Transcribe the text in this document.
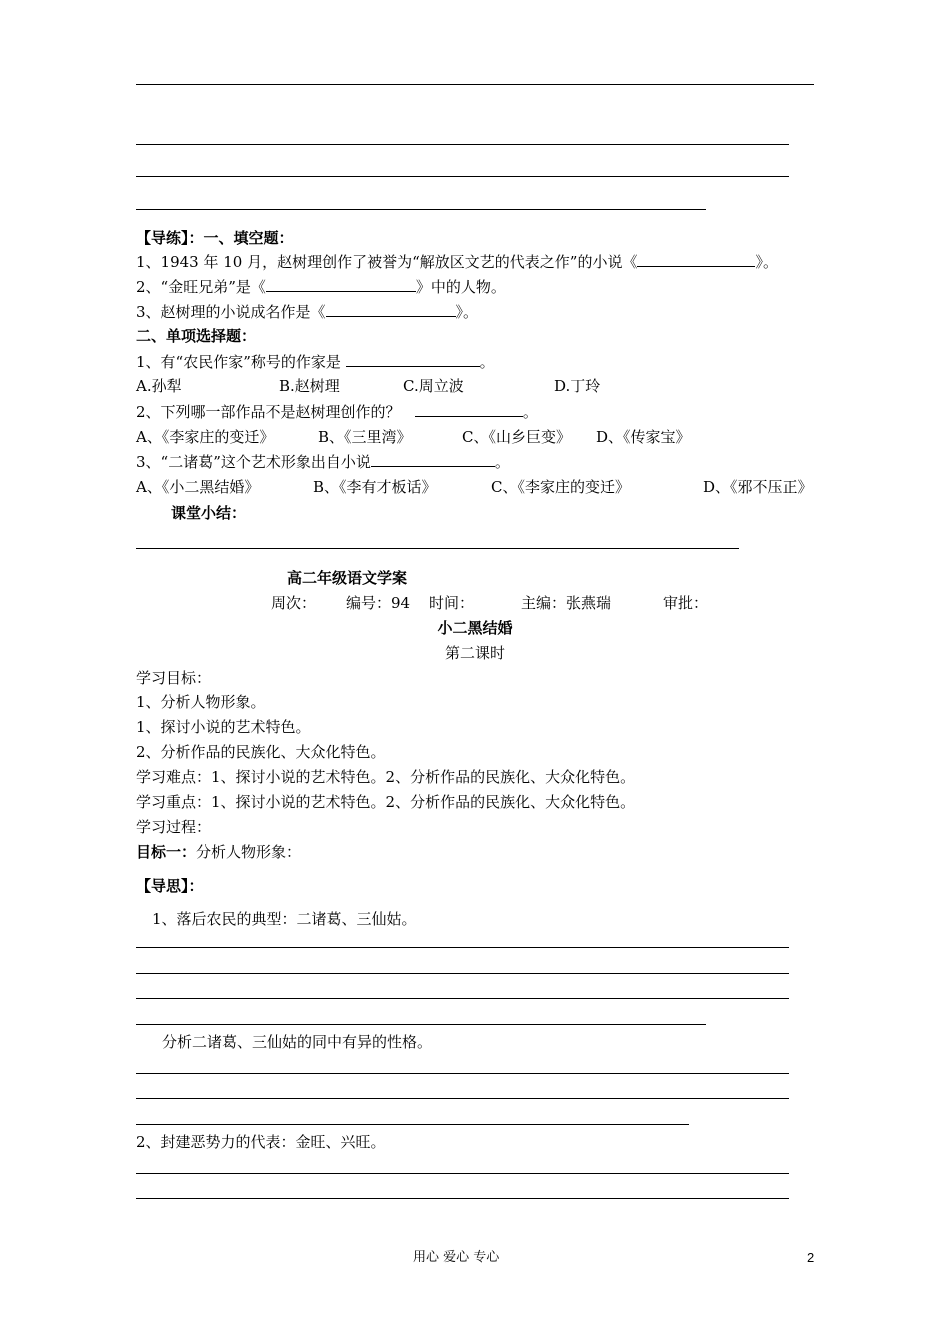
【导练】：一、填空题：
1、1943 年 10 月，赵树理创作了被誉为“解放区文艺的代表之作”的小说《	》。
2、“金旺兄弟”是《	》中的人物。
3、赵树理的小说成名作是《	》。
二、单项选择题：
1、有“农民作家”称号的作家是	。
A.孙犁	B.赵树理	C.周立波	D.丁玲
2、下列哪一部作品不是赵树理创作的？	。
A、《李家庄的变迁》	B、《三里湾》	C、《山乡巨变》 D、《传家宝》
3、“二诸葛”这个艺术形象出自小说	。
A、《小二黑结婚》	B、《李有才板话》	C、《李家庄的变迁》	D、《邪不压正》
课堂小结：
高二年级语文学案
周次： 编号：94 时间：	主编：张燕瑞	审批：
小二黑结婚
第二课时
学习目标：
1、分析人物形象。
1、探讨小说的艺术特色。
2、分析作品的民族化、大众化特色。
学习难点：1、探讨小说的艺术特色。2、分析作品的民族化、大众化特色。
学习重点：1、探讨小说的艺术特色。2、分析作品的民族化、大众化特色。
学习过程：
目标一：分析人物形象：
【导思】：
1、落后农民的典型：二诸葛、三仙姑。
分析二诸葛、三仙姑的同中有异的性格。
2、封建恶势力的代表：金旺、兴旺。
用心 爱心 专心	2
